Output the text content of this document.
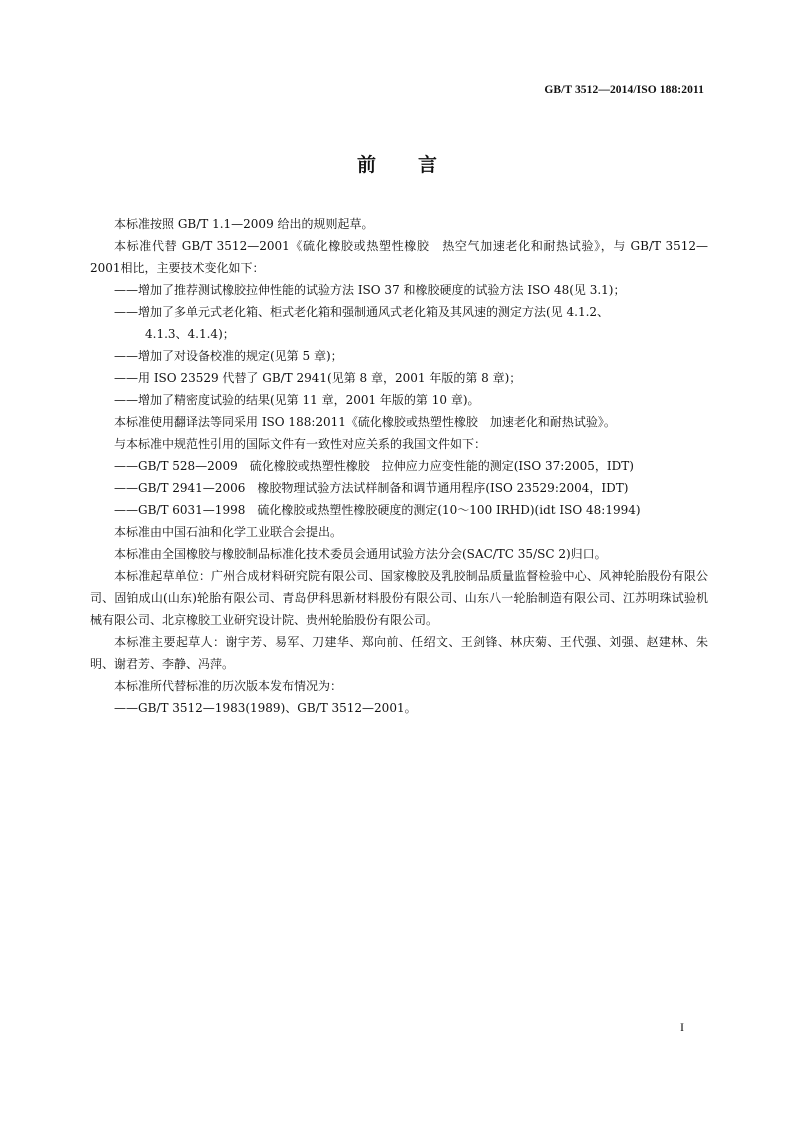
GB/T 3512—2014/ISO 188:2011
前言

本标准按照 GB/T 1.1—2009 给出的规则起草。

本标准代替 GB/T 3512—2001《硫化橡胶或热塑性橡胶　热空气加速老化和耐热试验》，与 GB/T 3512—2001相比，主要技术变化如下：

——增加了推荐测试橡胶拉伸性能的试验方法 ISO 37 和橡胶硬度的试验方法 ISO 48(见 3.1)；

——增加了多单元式老化箱、柜式老化箱和强制通风式老化箱及其风速的测定方法(见 4.1.2、

4.1.3、4.1.4)；

——增加了对设备校准的规定(见第 5 章)；

——用 ISO 23529 代替了 GB/T 2941(见第 8 章，2001 年版的第 8 章)；

——增加了精密度试验的结果(见第 11 章，2001 年版的第 10 章)。

本标准使用翻译法等同采用 ISO 188:2011《硫化橡胶或热塑性橡胶　加速老化和耐热试验》。

与本标准中规范性引用的国际文件有一致性对应关系的我国文件如下：

——GB/T 528—2009　硫化橡胶或热塑性橡胶　拉伸应力应变性能的测定(ISO 37:2005，IDT)

——GB/T 2941—2006　橡胶物理试验方法试样制备和调节通用程序(ISO 23529:2004，IDT)

——GB/T 6031—1998　硫化橡胶或热塑性橡胶硬度的测定(10～100 IRHD)(idt ISO 48:1994)

本标准由中国石油和化学工业联合会提出。

本标准由全国橡胶与橡胶制品标准化技术委员会通用试验方法分会(SAC/TC 35/SC 2)归口。

本标准起草单位：广州合成材料研究院有限公司、国家橡胶及乳胶制品质量监督检验中心、风神轮胎股份有限公司、固铂成山(山东)轮胎有限公司、青岛伊科思新材料股份有限公司、山东八一轮胎制造有限公司、江苏明珠试验机械有限公司、北京橡胶工业研究设计院、贵州轮胎股份有限公司。

本标准主要起草人：谢宇芳、易军、刀建华、郑向前、任绍文、王剑锋、林庆菊、王代强、刘强、赵建林、朱明、谢君芳、李静、冯萍。

本标准所代替标准的历次版本发布情况为：

——GB/T 3512—1983(1989)、GB/T 3512—2001。

I
